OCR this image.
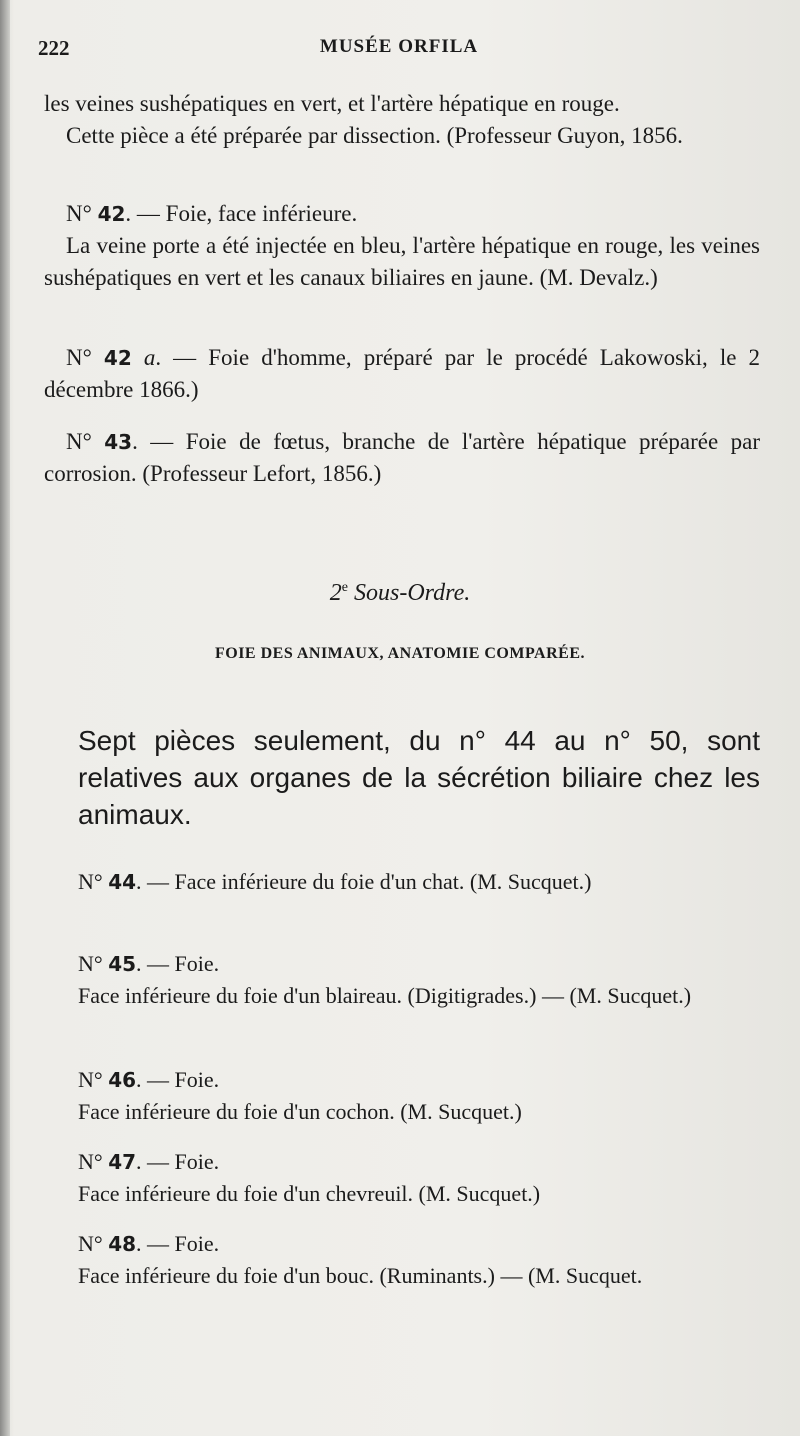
222	MUSÉE ORFILA

les veines sushépatiques en vert, et l'artère hépatique en rouge.

Cette pièce a été préparée par dissection. (Professeur Guyon, 1856.

N° 42. — Foie, face inférieure.

La veine porte a été injectée en bleu, l'artère hépatique en rouge, les veines sushépatiques en vert et les canaux biliaires en jaune. (M. Devalz.)

N° 42 a. — Foie d'homme, préparé par le procédé Lakowoski, le 2 décembre 1866.)

N° 43. — Foie de fœtus, branche de l'artère hépatique préparée par corrosion. (Professeur Lefort, 1856.)

2e Sous-Ordre.
FOIE DES ANIMAUX, ANATOMIE COMPARÉE.
Sept pièces seulement, du n° 44 au n° 50, sont relatives aux organes de la sécrétion biliaire chez les animaux.
N° 44. — Face inférieure du foie d'un chat. (M. Sucquet.)

N° 45. — Foie.

Face inférieure du foie d'un blaireau. (Digitigrades.) — (M. Sucquet.)

N° 46. — Foie.

Face inférieure du foie d'un cochon. (M. Sucquet.)

N° 47. — Foie.

Face inférieure du foie d'un chevreuil. (M. Sucquet.)

N° 48. — Foie.

Face inférieure du foie d'un bouc. (Ruminants.) — (M. Sucquet.
